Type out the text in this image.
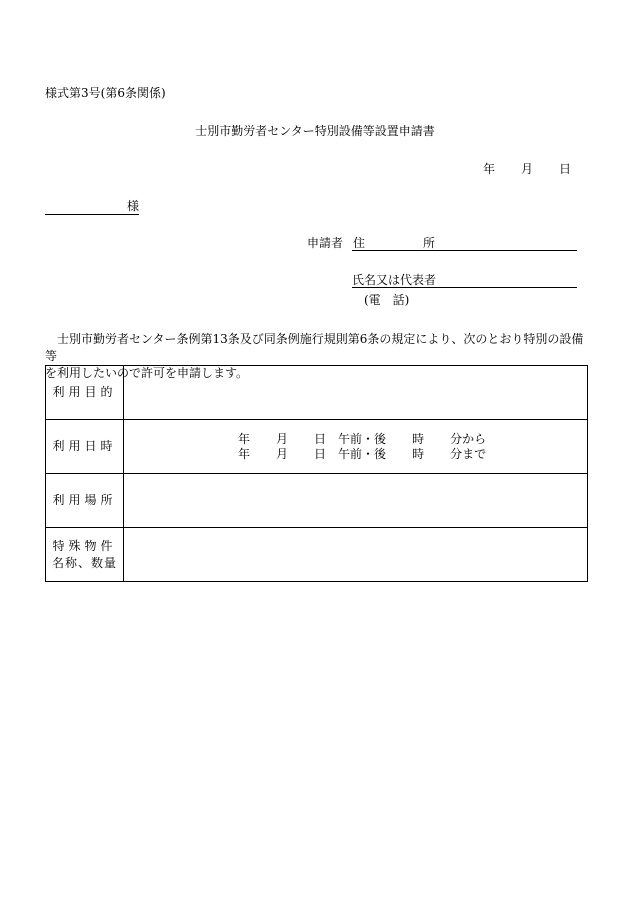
様式第3号(第6条関係)
士別市勤労者センター特別設備等設置申請書
年 月 日
様
申請者 住	所
氏名又は代表者
(電　話)
士別市勤労者センター条例第13条及び同条例施行規則第6条の規定により、次のとおり特別の設備等
を利用したいので許可を申請します。
利用目的	
利用日時	年 月 日 午前・後 時 分から
年 月 日 午前・後 時 分まで

利用場所	

特殊物件
名称、数量	
